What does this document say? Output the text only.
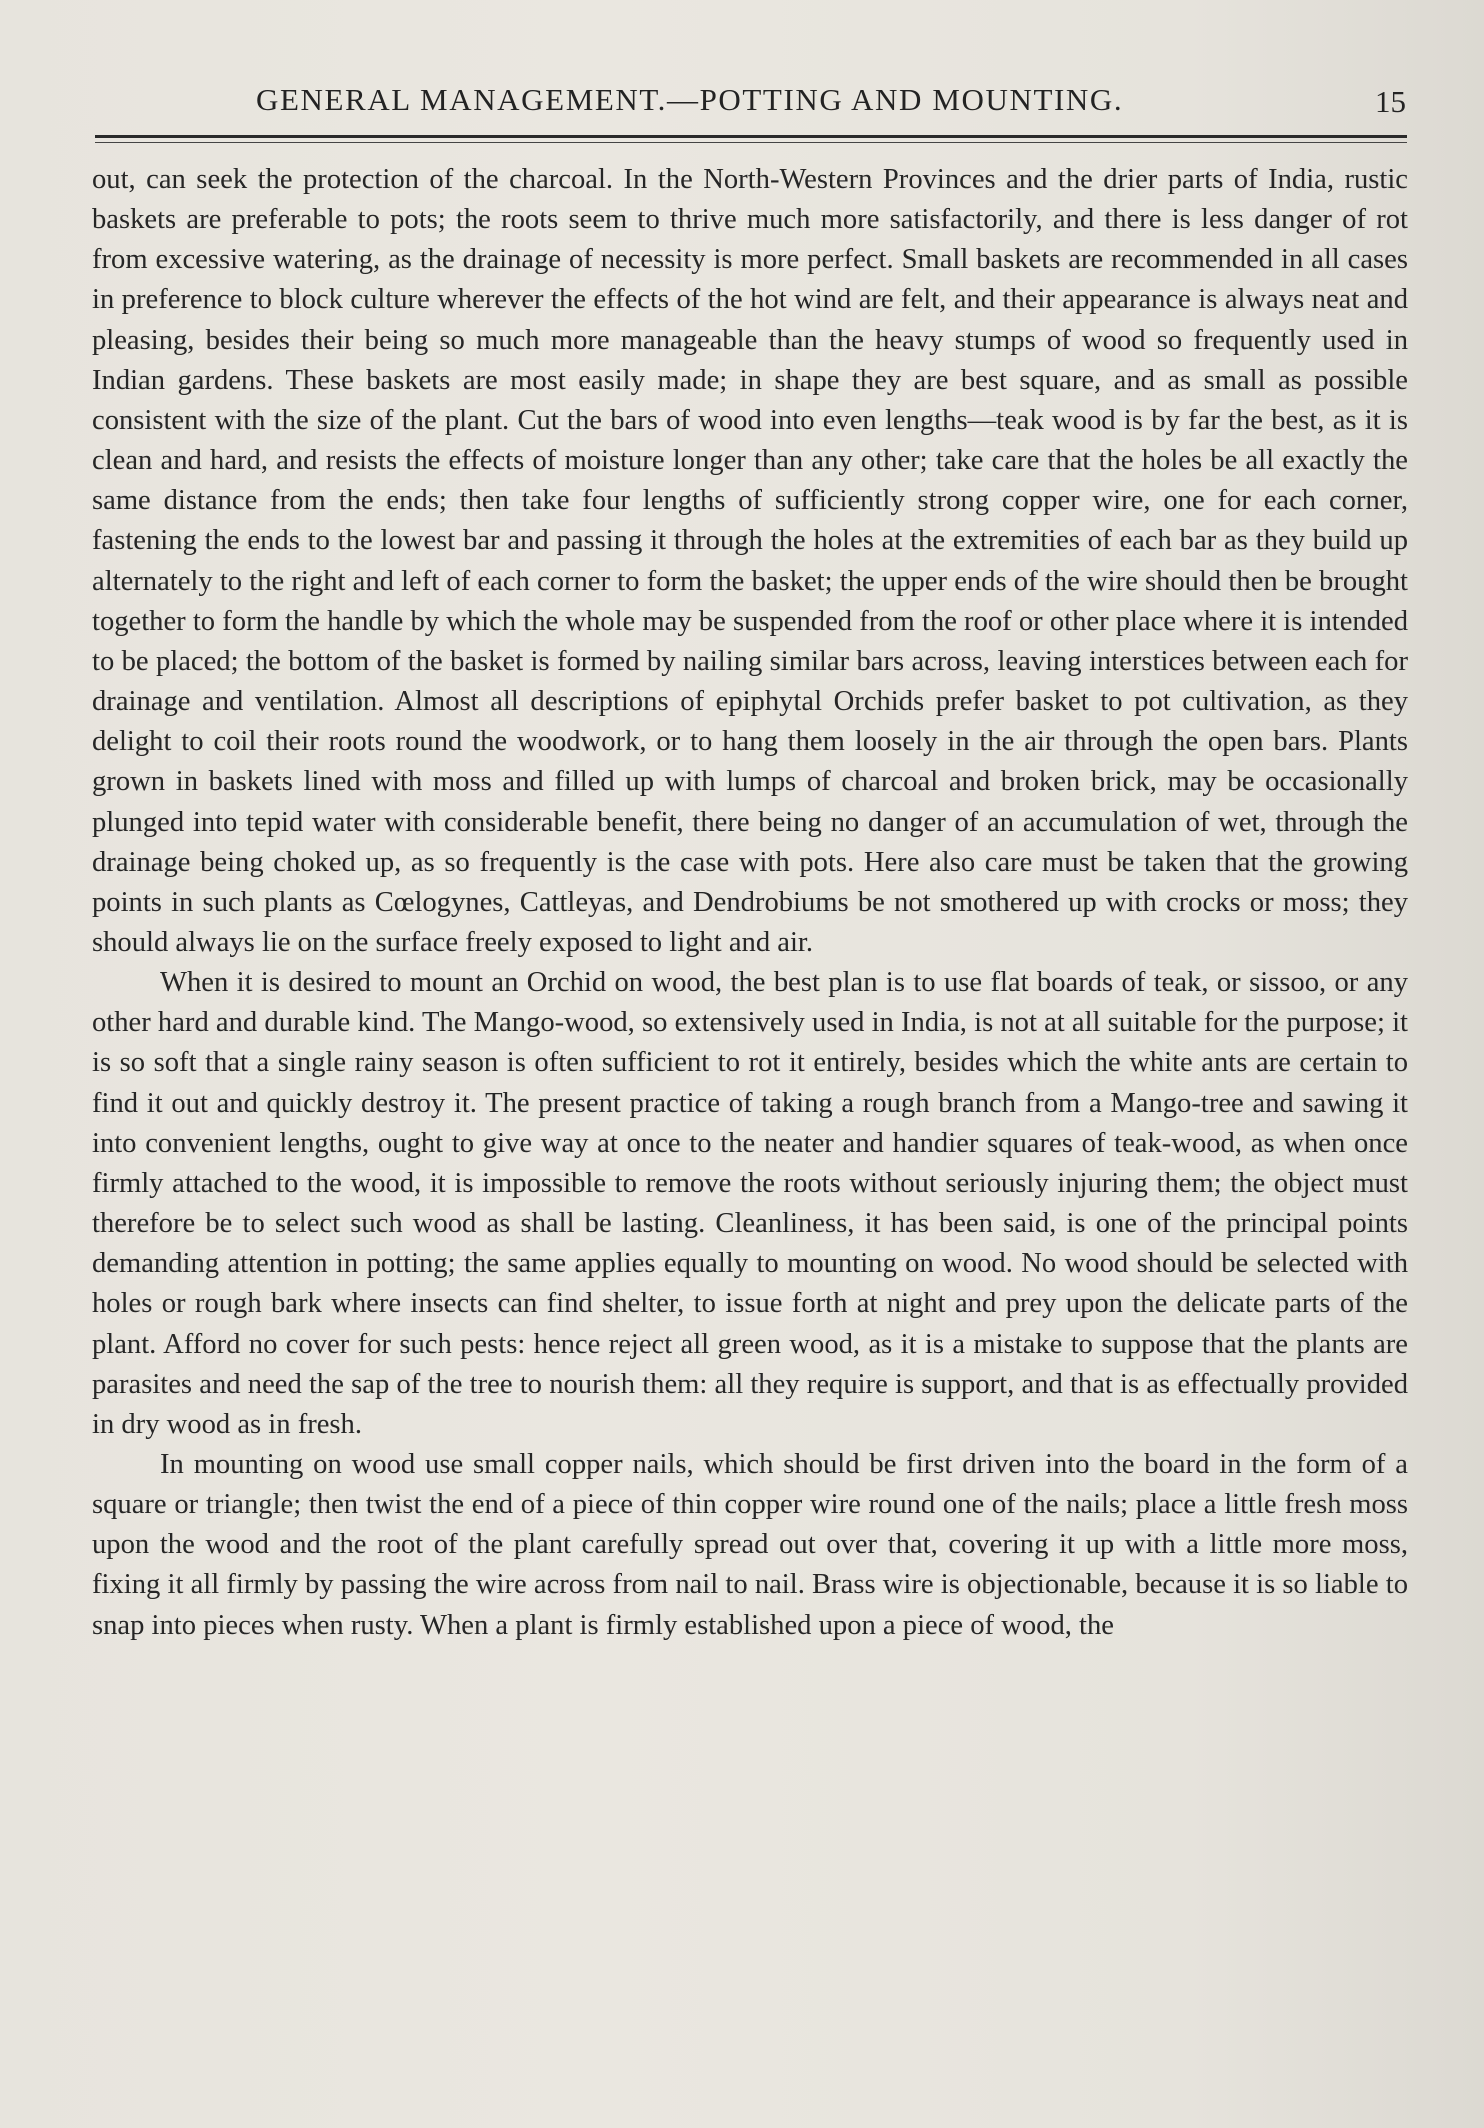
GENERAL MANAGEMENT.—POTTING AND MOUNTING.	15

out, can seek the protection of the charcoal. In the North-Western Provinces and the drier parts of India, rustic baskets are preferable to pots; the roots seem to thrive much more satisfactorily, and there is less danger of rot from excessive watering, as the drainage of necessity is more perfect. Small baskets are recommended in all cases in preference to block culture wherever the effects of the hot wind are felt, and their appearance is always neat and pleasing, besides their being so much more manageable than the heavy stumps of wood so frequently used in Indian gardens. These baskets are most easily made; in shape they are best square, and as small as possible consistent with the size of the plant. Cut the bars of wood into even lengths—teak wood is by far the best, as it is clean and hard, and resists the effects of moisture longer than any other; take care that the holes be all exactly the same distance from the ends; then take four lengths of sufficiently strong copper wire, one for each corner, fastening the ends to the lowest bar and passing it through the holes at the extremities of each bar as they build up alternately to the right and left of each corner to form the basket; the upper ends of the wire should then be brought together to form the handle by which the whole may be suspended from the roof or other place where it is intended to be placed; the bottom of the basket is formed by nailing similar bars across, leaving interstices between each for drainage and ventilation. Almost all descriptions of epiphytal Orchids prefer basket to pot cultivation, as they delight to coil their roots round the woodwork, or to hang them loosely in the air through the open bars. Plants grown in baskets lined with moss and filled up with lumps of charcoal and broken brick, may be occasionally plunged into tepid water with considerable benefit, there being no danger of an accumulation of wet, through the drainage being choked up, as so frequently is the case with pots. Here also care must be taken that the growing points in such plants as Cœlogynes, Cattleyas, and Dendrobiums be not smothered up with crocks or moss; they should always lie on the surface freely exposed to light and air.

When it is desired to mount an Orchid on wood, the best plan is to use flat boards of teak, or sissoo, or any other hard and durable kind. The Mango-wood, so extensively used in India, is not at all suitable for the purpose; it is so soft that a single rainy season is often sufficient to rot it entirely, besides which the white ants are certain to find it out and quickly destroy it. The present practice of taking a rough branch from a Mango-tree and sawing it into convenient lengths, ought to give way at once to the neater and handier squares of teak-wood, as when once firmly attached to the wood, it is impossible to remove the roots without seriously injuring them; the object must therefore be to select such wood as shall be lasting. Cleanliness, it has been said, is one of the principal points demanding attention in potting; the same applies equally to mounting on wood. No wood should be selected with holes or rough bark where insects can find shelter, to issue forth at night and prey upon the delicate parts of the plant. Afford no cover for such pests: hence reject all green wood, as it is a mistake to suppose that the plants are parasites and need the sap of the tree to nourish them: all they require is support, and that is as effectually provided in dry wood as in fresh.

In mounting on wood use small copper nails, which should be first driven into the board in the form of a square or triangle; then twist the end of a piece of thin copper wire round one of the nails; place a little fresh moss upon the wood and the root of the plant carefully spread out over that, covering it up with a little more moss, fixing it all firmly by passing the wire across from nail to nail. Brass wire is objectionable, because it is so liable to snap into pieces when rusty. When a plant is firmly established upon a piece of wood, the
